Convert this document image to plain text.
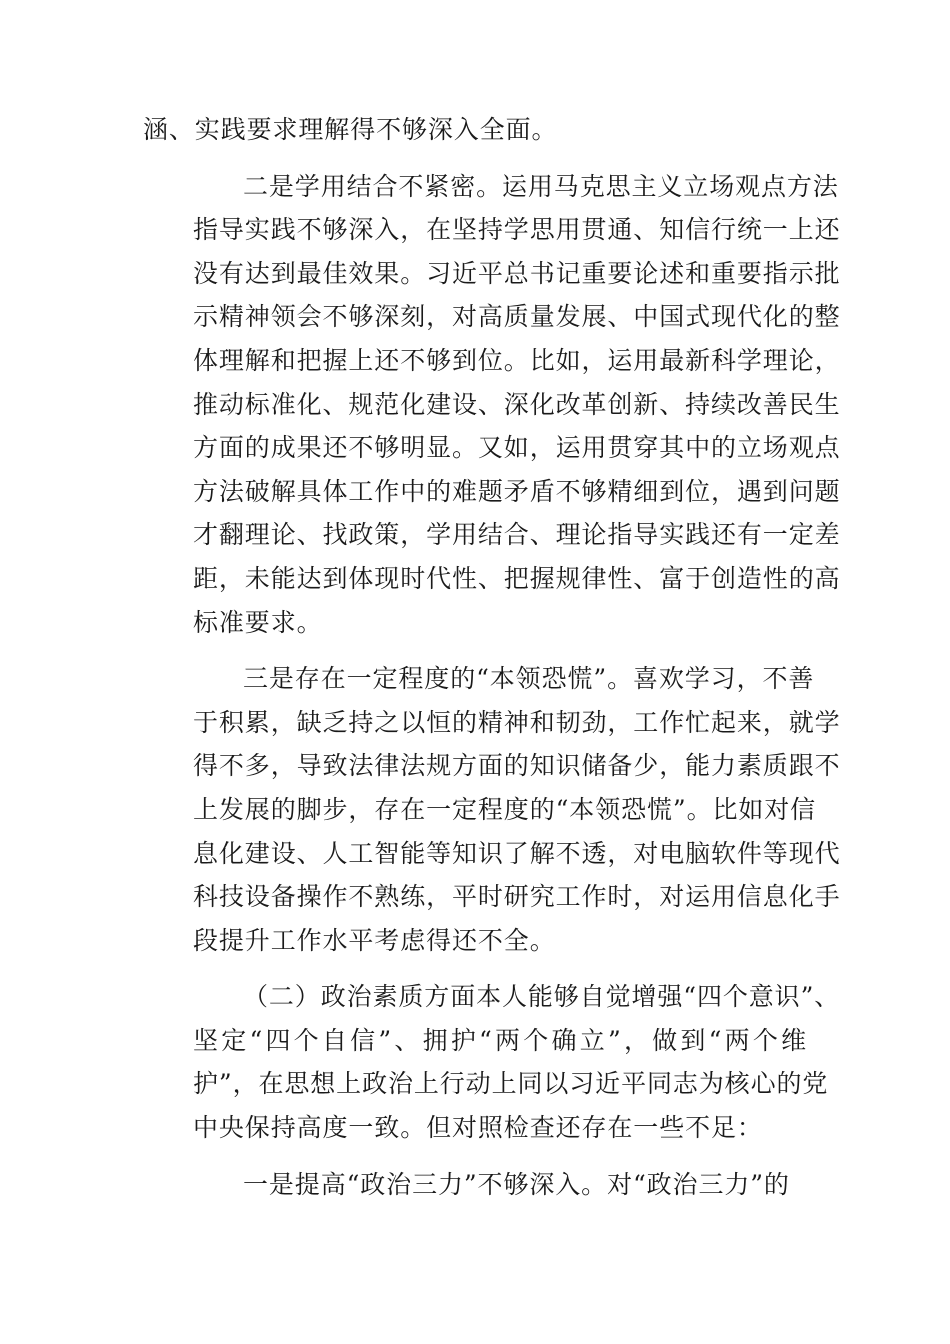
涵、实践要求理解得不够深入全面。
二是学用结合不紧密。运用马克思主义立场观点方法
指导实践不够深入，在坚持学思用贯通、知信行统一上还
没有达到最佳效果。习近平总书记重要论述和重要指示批
示精神领会不够深刻，对高质量发展、中国式现代化的整
体理解和把握上还不够到位。比如，运用最新科学理论，
推动标准化、规范化建设、深化改革创新、持续改善民生
方面的成果还不够明显。又如，运用贯穿其中的立场观点
方法破解具体工作中的难题矛盾不够精细到位，遇到问题
才翻理论、找政策，学用结合、理论指导实践还有一定差
距，未能达到体现时代性、把握规律性、富于创造性的高
标准要求。
三是存在一定程度的“本领恐慌”。喜欢学习，不善
于积累，缺乏持之以恒的精神和韧劲，工作忙起来，就学
得不多，导致法律法规方面的知识储备少，能力素质跟不
上发展的脚步，存在一定程度的“本领恐慌”。比如对信
息化建设、人工智能等知识了解不透，对电脑软件等现代
科技设备操作不熟练，平时研究工作时，对运用信息化手
段提升工作水平考虑得还不全。
（二）政治素质方面本人能够自觉增强“四个意识”、
坚定“四个自信”、拥护“两个确立”，做到“两个维
护”，在思想上政治上行动上同以习近平同志为核心的党
中央保持高度一致。但对照检查还存在一些不足：
一是提高“政治三力”不够深入。对“政治三力”的
